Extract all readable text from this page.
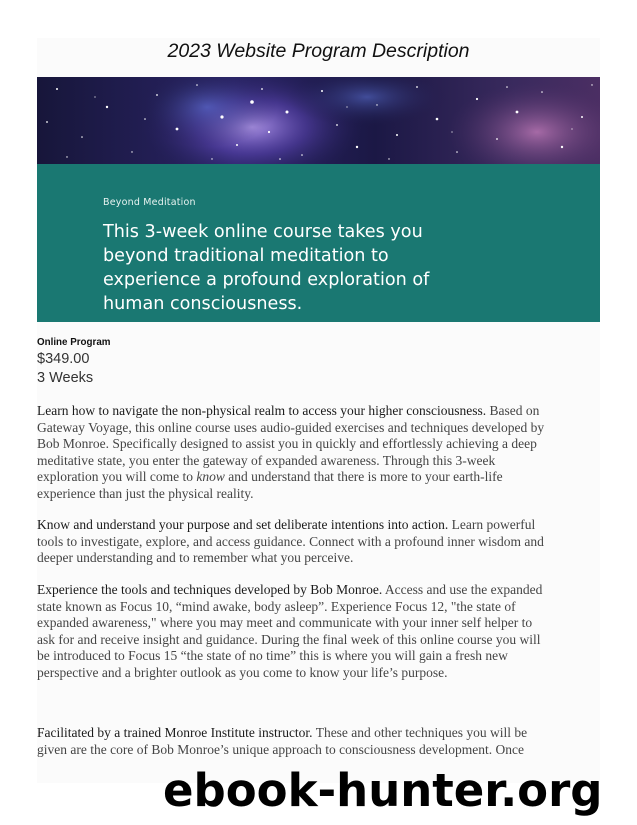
2023 Website Program Description
Beyond Meditation
This 3-week online course takes you
beyond traditional meditation to
experience a profound exploration of
human consciousness.
Online Program
$349.00
3 Weeks

Learn how to navigate the non-physical realm to access your higher consciousness. Based on
Gateway Voyage, this online course uses audio-guided exercises and techniques developed by
Bob Monroe. Specifically designed to assist you in quickly and effortlessly achieving a deep
meditative state, you enter the gateway of expanded awareness. Through this 3-week
exploration you will come to know and understand that there is more to your earth-life
experience than just the physical reality.

Know and understand your purpose and set deliberate intentions into action. Learn powerful
tools to investigate, explore, and access guidance. Connect with a profound inner wisdom and
deeper understanding and to remember what you perceive.

Experience the tools and techniques developed by Bob Monroe. Access and use the expanded
state known as Focus 10, “mind awake, body asleep”. Experience Focus 12, "the state of
expanded awareness," where you may meet and communicate with your inner self helper to
ask for and receive insight and guidance. During the final week of this online course you will
be introduced to Focus 15 “the state of no time” this is where you will gain a fresh new
perspective and a brighter outlook as you come to know your life’s purpose.

Facilitated by a trained Monroe Institute instructor. These and other techniques you will be
given are the core of Bob Monroe’s unique approach to consciousness development. Once

ebook-hunter.org
